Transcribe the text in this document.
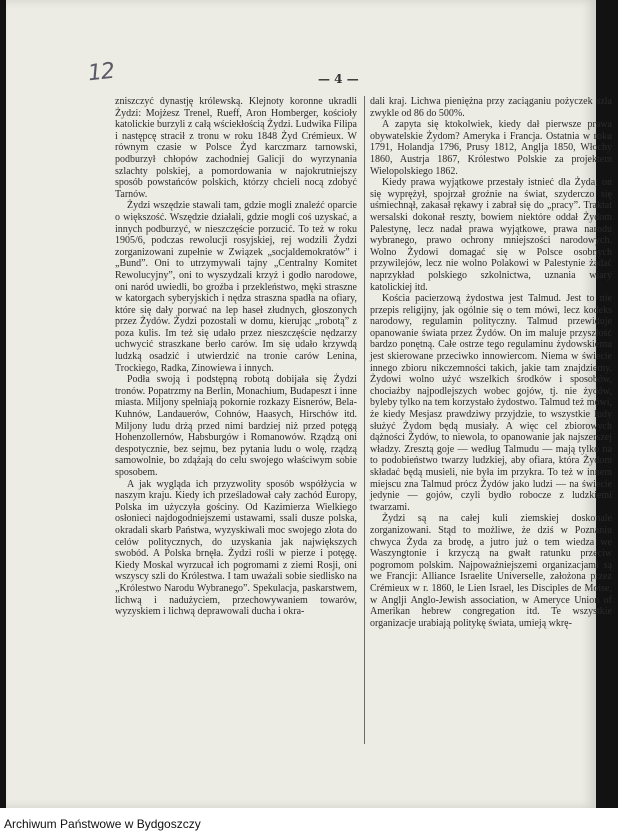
12	— 4 —

zniszczyć dynastję królewską. Klejnoty koronne ukradli Żydzi: Mojżesz Trenel, Rueff, Aron Homberger, kościoły katolickie burzyli z całą wściekłością Żydzi. Ludwika Filipa i następcę stracił z tronu w roku 1848 Żyd Crémieux. W równym czasie w Polsce Żyd karczmarz tarnowski, podburzył chłopów zachodniej Galicji do wyrzynania szlachty polskiej, a pomordowania w najokrutniejszy sposób powstańców polskich, którzy chcieli nocą zdobyć Tarnów.

Żydzi wszędzie stawali tam, gdzie mogli znaleźć oparcie o większość. Wszędzie działali, gdzie mogli coś uzyskać, a innych podburzyć, w nieszczęście porzucić. To też w roku 1905/6, podczas rewolucji rosyjskiej, rej wodzili Żydzi zorganizowani zupełnie w Związek „socjaldemokratów” i „Bund”. Oni to utrzymywali tajny „Centralny Komitet Rewolucyjny”, oni to wyszydzali krzyż i godło narodowe, oni naród uwiedli, bo groźba i przekleństwo, męki straszne w katorgach syberyjskich i nędza straszna spadła na ofiary, które się dały porwać na lep haseł złudnych, głoszonych przez Żydów. Żydzi pozostali w domu, kierując „robotą” z poza kulis. Im też się udało przez nieszczęście nędzarzy uchwycić straszkane berło carów. Im się udało krzywdą ludzką osadzić i utwierdzić na tronie carów Lenina, Trockiego, Radka, Zinowiewa i innych.

Podła swoją i podstępną robotą dobijała się Żydzi tronów. Popatrzmy na Berlin, Monachium, Budapeszt i inne miasta. Miljony spełniają pokornie rozkazy Eisnerów, Bela-Kuhnów, Landauerów, Cohnów, Haasych, Hirschów itd. Miljony ludu drżą przed nimi bardziej niż przed potęgą Hohenzollernów, Habsburgów i Romanowów. Rządzą oni despotycznie, bez sejmu, bez pytania ludu o wolę, rządzą samowolnie, bo zdążają do celu swojego właściwym sobie sposobem.

A jak wygląda ich przyzwolity sposób współżycia w naszym kraju. Kiedy ich prześladował cały zachód Europy, Polska im użyczyła gościny. Od Kazimierza Wielkiego osłonieci najdogodniejszemi ustawami, ssali dusze polska, okradali skarb Państwa, wyzyskiwali moc swojego złota do celów politycznych, do uzyskania jak największych swobód. A Polska brnęła. Żydzi rośli w pierze i potęgę. Kiedy Moskal wyrzucał ich pogromami z ziemi Rosji, oni wszyscy szli do Królestwa. I tam uważali sobie siedlisko na „Królestwo Narodu Wybranego”. Spekulacja, paskarstwem, lichwą i nadużyciem, przechowywaniem towarów, wyzyskiem i lichwą deprawowali ducha i okra-

dali kraj. Lichwa pieniężna przy zaciąganiu pożyczek szła zwykle od 86 do 500%.

A zapyta się ktokolwiek, kiedy dał pierwsze prawa obywatelskie Żydom? Ameryka i Francja. Ostatnia w roku 1791, Holandja 1796, Prusy 1812, Anglja 1850, Włochy 1860, Austrja 1867, Królestwo Polskie za projektem Wielopolskiego 1862.

Kiedy prawa wyjątkowe przestały istnieć dla Żyda, on się wyprężył, spojrzał groźnie na świat, szyderczo się uśmiechnął, zakasał rękawy i zabrał się do „pracy”. Traktat wersalski dokonał reszty, bowiem niektóre oddał Żydom Palestynę, lecz nadał prawa wyjątkowe, prawa narodu wybranego, prawo ochrony mniejszości narodowych. Wolno Żydowi domagać się w Polsce osobnych przywilejów, lecz nie wolno Polakowi w Palestynie żądać naprzykład polskiego szkolnictwa, uznania wiary katolickiej itd.

Kościa pacierzową żydostwa jest Talmud. Jest to nie przepis religijny, jak ogólnie się o tem mówi, lecz kodeks narodowy, regulamin polityczny. Talmud przewiduje opanowanie świata przez Żydów. On im maluje przyszłość bardzo ponętną. Całe ostrze tego regulaminu żydowskiemu jest skierowane przeciwko innowiercom. Niema w świecie innego zbioru nikczemności takich, jakie tam znajdziemy. Żydowi wolno użyć wszelkich środków i sposobów, chociażby najpodlejszych wobec gojów, tj. nie żydów, byleby tylko na tem korzystało żydostwo. Talmud też mówi, że kiedy Mesjasz prawdziwy przyjdzie, to wszystkie ludy służyć Żydom będą musiały. A więc cel zbiorowych dążności Żydów, to niewola, to opanowanie jak najszerszej władzy. Zresztą goje — według Talmudu — mają tylko na to podobieństwo twarzy ludzkiej, aby ofiara, która Żydom składać będą musieli, nie była im przykra. To też w innem miejscu zna Talmud prócz Żydów jako ludzi — na świecie jedynie — gojów, czyli bydło robocze z ludzkiemi twarzami.

Żydzi są na całej kuli ziemskiej doskonale zorganizowani. Stąd to możliwe, że dziś w Poznaniu chwyca Żyda za brodę, a jutro już o tem wiedza we Waszyngtonie i krzyczą na gwałt ratunku przeciw pogromom polskim. Najpoważniejszemi organizacjami są we Francji: Alliance Israelite Universelle, założona przez Crémieux w r. 1860, le Lien Israel, les Disciples de Moise, w Anglji Anglo-Jewish association, w Ameryce Union of Amerikan hebrew congregation itd. Te wszystkie organizacje urabiają politykę świata, umieją wkrę-

Archiwum Państwowe w Bydgoszczy
